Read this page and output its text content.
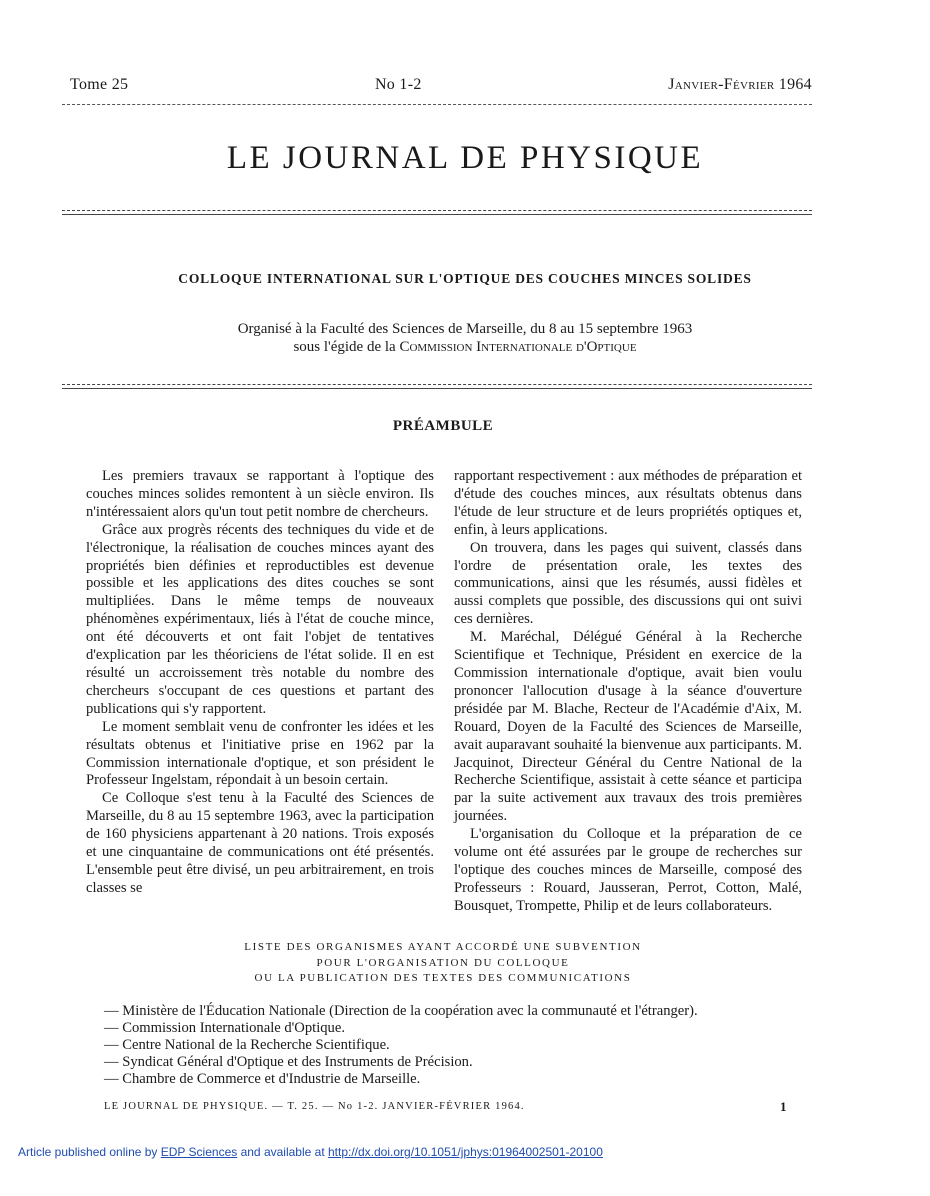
Tome 25	No 1-2	Janvier-Février 1964
LE JOURNAL DE PHYSIQUE
COLLOQUE INTERNATIONAL SUR L'OPTIQUE DES COUCHES MINCES SOLIDES
Organisé à la Faculté des Sciences de Marseille, du 8 au 15 septembre 1963
sous l'égide de la Commission Internationale d'Optique
PRÉAMBULE

Les premiers travaux se rapportant à l'optique des couches minces solides remontent à un siècle environ. Ils n'intéressaient alors qu'un tout petit nombre de chercheurs.

Grâce aux progrès récents des techniques du vide et de l'électronique, la réalisation de couches minces ayant des propriétés bien définies et reproductibles est devenue possible et les applications des dites couches se sont multipliées. Dans le même temps de nouveaux phénomènes expérimentaux, liés à l'état de couche mince, ont été découverts et ont fait l'objet de tentatives d'explication par les théoriciens de l'état solide. Il en est résulté un accroissement très notable du nombre des chercheurs s'occupant de ces questions et partant des publications qui s'y rapportent.

Le moment semblait venu de confronter les idées et les résultats obtenus et l'initiative prise en 1962 par la Commission internationale d'optique, et son président le Professeur Ingelstam, répondait à un besoin certain.

Ce Colloque s'est tenu à la Faculté des Sciences de Marseille, du 8 au 15 septembre 1963, avec la participation de 160 physiciens appartenant à 20 nations. Trois exposés et une cinquantaine de communications ont été présentés. L'ensemble peut être divisé, un peu arbitrairement, en trois classes se

rapportant respectivement : aux méthodes de préparation et d'étude des couches minces, aux résultats obtenus dans l'étude de leur structure et de leurs propriétés optiques et, enfin, à leurs applications.

On trouvera, dans les pages qui suivent, classés dans l'ordre de présentation orale, les textes des communications, ainsi que les résumés, aussi fidèles et aussi complets que possible, des discussions qui ont suivi ces dernières.

M. Maréchal, Délégué Général à la Recherche Scientifique et Technique, Président en exercice de la Commission internationale d'optique, avait bien voulu prononcer l'allocution d'usage à la séance d'ouverture présidée par M. Blache, Recteur de l'Académie d'Aix, M. Rouard, Doyen de la Faculté des Sciences de Marseille, avait auparavant souhaité la bienvenue aux participants. M. Jacquinot, Directeur Général du Centre National de la Recherche Scientifique, assistait à cette séance et participa par la suite activement aux travaux des trois premières journées.

L'organisation du Colloque et la préparation de ce volume ont été assurées par le groupe de recherches sur l'optique des couches minces de Marseille, composé des Professeurs : Rouard, Jausseran, Perrot, Cotton, Malé, Bousquet, Trompette, Philip et de leurs collaborateurs.

LISTE DES ORGANISMES AYANT ACCORDÉ UNE SUBVENTION
POUR L'ORGANISATION DU COLLOQUE
OU LA PUBLICATION DES TEXTES DES COMMUNICATIONS
— Ministère de l'Éducation Nationale (Direction de la coopération avec la communauté et l'étranger).
— Commission Internationale d'Optique.
— Centre National de la Recherche Scientifique.
— Syndicat Général d'Optique et des Instruments de Précision.
— Chambre de Commerce et d'Industrie de Marseille.
LE JOURNAL DE PHYSIQUE. — T. 25. — No 1-2. JANVIER-FÉVRIER 1964.	1
Article published online by EDP Sciences and available at http://dx.doi.org/10.1051/jphys:01964002501-20100
